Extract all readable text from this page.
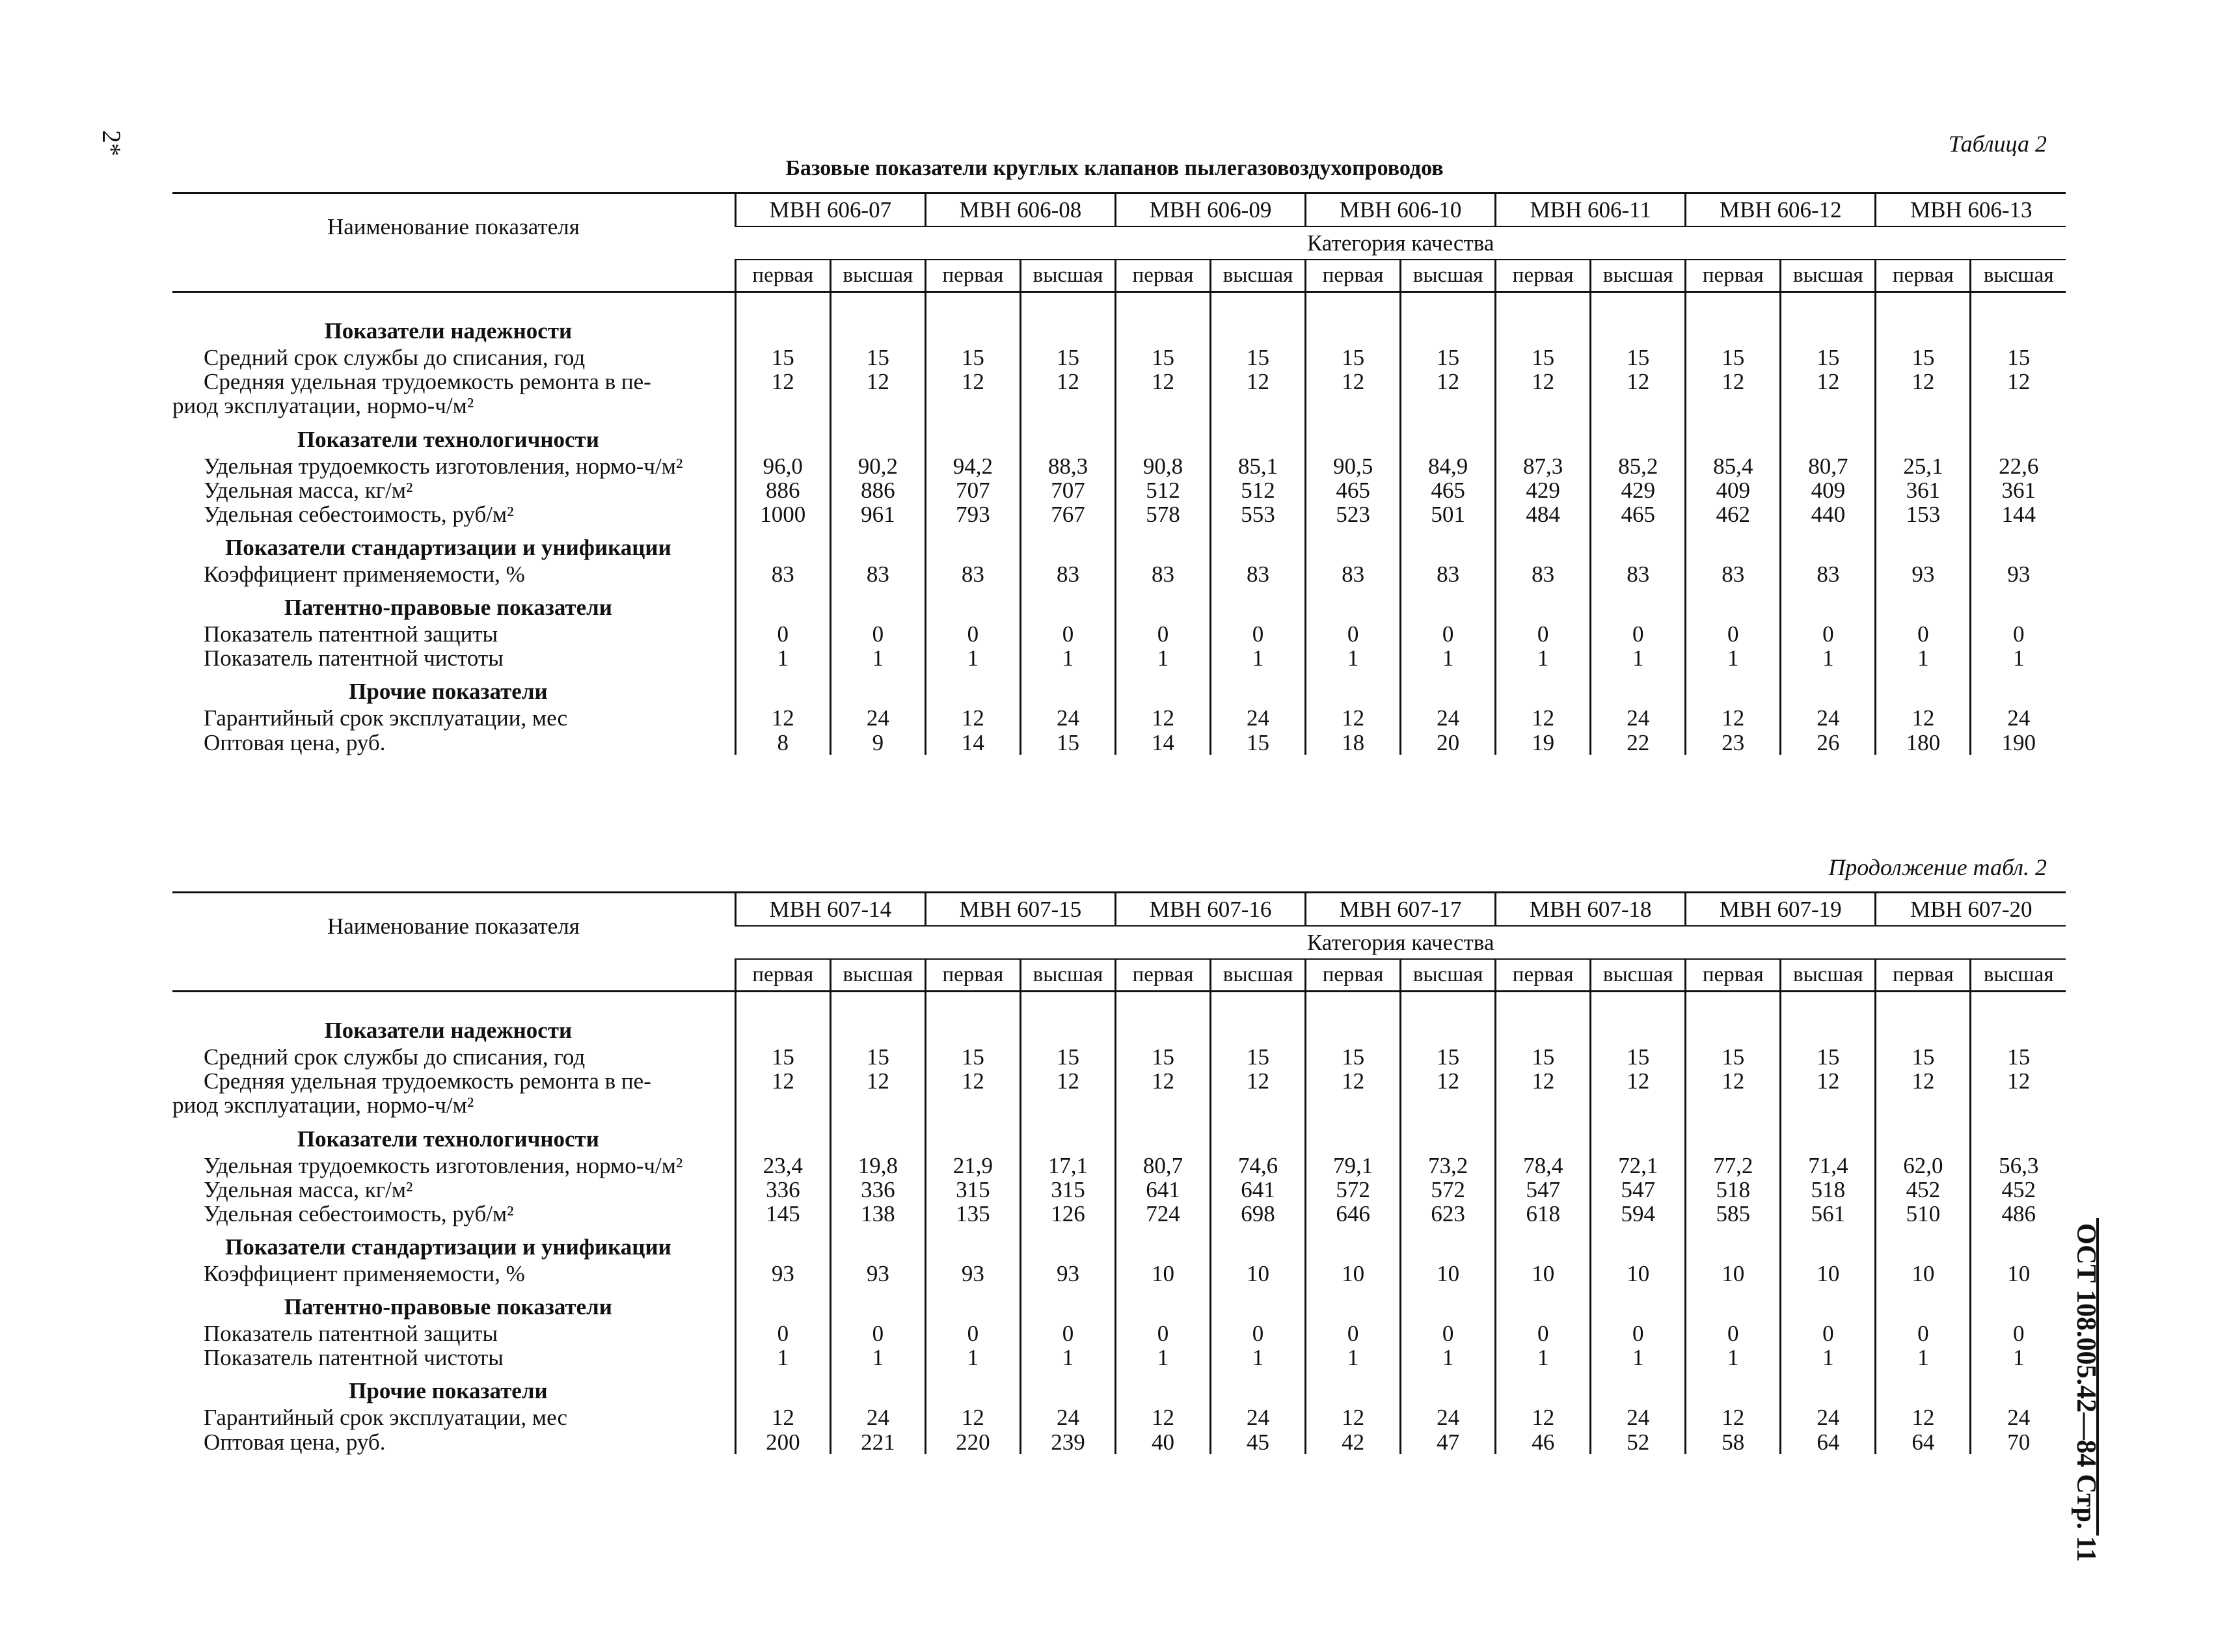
2*	Таблица 2
Базовые показатели круглых клапанов пылегазовоздухопроводов
Продолжение табл. 2
ОСТ 108.005.42—84 Стр. 11
Наименование показателя	МВН 606-07		МВН 606-08		МВН 606-09		МВН 606-10		МВН 606-11		МВН 606-12		МВН 606-13	
	Категория качества													
	первая	высшая	первая	высшая	первая	высшая	первая	высшая	первая	высшая	первая	высшая	первая	высшая

Показатели надежности														

Средний срок службы до списания, год	15	15	15	15	15	15	15	15	15	15	15	15	15	15

Средняя удельная трудоемкость ремонта в пе-
риод эксплуатации, нормо-ч/м²	12	12	12	12	12	12	12	12	12	12	12	12	12	12
Показатели технологичности														

Удельная трудоемкость изготовления, нормо-ч/м²	96,0	90,2	94,2	88,3	90,8	85,1	90,5	84,9	87,3	85,2	85,4	80,7	25,1	22,6

Удельная масса, кг/м²	886	886	707	707	512	512	465	465	429	429	409	409	361	361

Удельная себестоимость, руб/м²	1000	961	793	767	578	553	523	501	484	465	462	440	153	144
Показатели стандартизации и унификации														

Коэффициент применяемости, %	83	83	83	83	83	83	83	83	83	83	83	83	93	93
Патентно-правовые показатели														

Показатель патентной защиты	0	0	0	0	0	0	0	0	0	0	0	0	0	0

Показатель патентной чистоты	1	1	1	1	1	1	1	1	1	1	1	1	1	1
Прочие показатели														

Гарантийный срок эксплуатации, мес	12	24	12	24	12	24	12	24	12	24	12	24	12	24

Оптовая цена, руб.	8	9	14	15	14	15	18	20	19	22	23	26	180	190
Наименование показателя	МВН 607-14		МВН 607-15		МВН 607-16		МВН 607-17		МВН 607-18		МВН 607-19		МВН 607-20	
	Категория качества													
	первая	высшая	первая	высшая	первая	высшая	первая	высшая	первая	высшая	первая	высшая	первая	высшая

Показатели надежности														

Средний срок службы до списания, год	15	15	15	15	15	15	15	15	15	15	15	15	15	15

Средняя удельная трудоемкость ремонта в пе-
риод эксплуатации, нормо-ч/м²	12	12	12	12	12	12	12	12	12	12	12	12	12	12
Показатели технологичности														

Удельная трудоемкость изготовления, нормо-ч/м²	23,4	19,8	21,9	17,1	80,7	74,6	79,1	73,2	78,4	72,1	77,2	71,4	62,0	56,3

Удельная масса, кг/м²	336	336	315	315	641	641	572	572	547	547	518	518	452	452

Удельная себестоимость, руб/м²	145	138	135	126	724	698	646	623	618	594	585	561	510	486
Показатели стандартизации и унификации														

Коэффициент применяемости, %	93	93	93	93	10	10	10	10	10	10	10	10	10	10
Патентно-правовые показатели														

Показатель патентной защиты	0	0	0	0	0	0	0	0	0	0	0	0	0	0

Показатель патентной чистоты	1	1	1	1	1	1	1	1	1	1	1	1	1	1
Прочие показатели														

Гарантийный срок эксплуатации, мес	12	24	12	24	12	24	12	24	12	24	12	24	12	24

Оптовая цена, руб.	200	221	220	239	40	45	42	47	46	52	58	64	64	70
